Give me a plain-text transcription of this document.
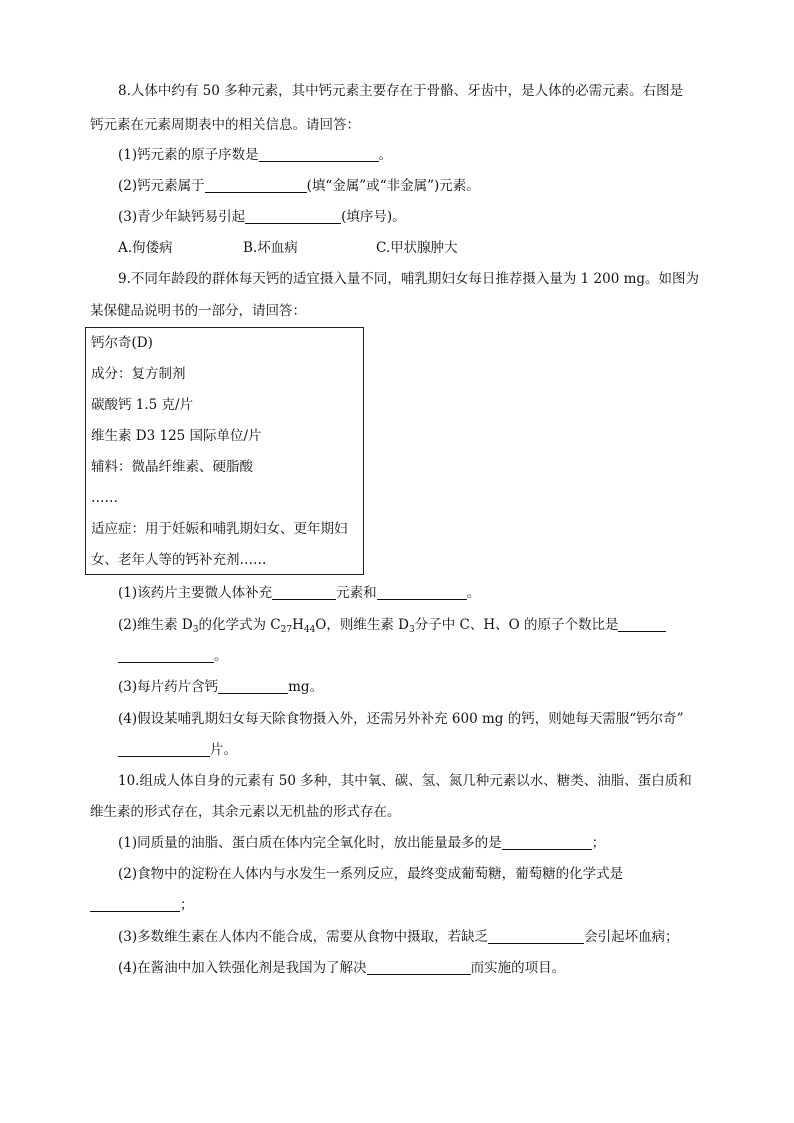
8.人体中约有 50 多种元素，其中钙元素主要存在于骨骼、牙齿中，是人体的必需元素。右图是
钙元素在元素周期表中的相关信息。请回答：
(1)钙元素的原子序数是	。
(2)钙元素属于	(填“金属”或“非金属”)元素。
(3)青少年缺钙易引起	(填序号)。
A.佝偻病	B.坏血病	C.甲状腺肿大
9.不同年龄段的群体每天钙的适宜摄入量不同，哺乳期妇女每日推荐摄入量为 1 200 mg。如图为
某保健品说明书的一部分，请回答：
钙尔奇(D)
成分：复方制剂
碳酸钙 1.5 克/片
维生素 D3 125 国际单位/片
辅料：微晶纤维素、硬脂酸
……
适应症：用于妊娠和哺乳期妇女、更年期妇
女、老年人等的钙补充剂……
(1)该药片主要微人体补充	元素和	。
(2)维生素 $D_3$的化学式为 $C_{27}H_{44}O$，则维生素 $D_3$分子中 C、H、O 的原子个数比是
。
(3)每片药片含钙	mg。
(4)假设某哺乳期妇女每天除食物摄入外，还需另外补充 600 mg 的钙，则她每天需服“钙尔奇”
片。
10.组成人体自身的元素有 50 多种，其中氧、碳、氢、氮几种元素以水、糖类、油脂、蛋白质和
维生素的形式存在，其余元素以无机盐的形式存在。
(1)同质量的油脂、蛋白质在体内完全氧化时，放出能量最多的是	；
(2)食物中的淀粉在人体内与水发生一系列反应，最终变成葡萄糖，葡萄糖的化学式是
；
(3)多数维生素在人体内不能合成，需要从食物中摄取，若缺乏	会引起坏血病；
(4)在酱油中加入铁强化剂是我国为了解决	而实施的项目。
